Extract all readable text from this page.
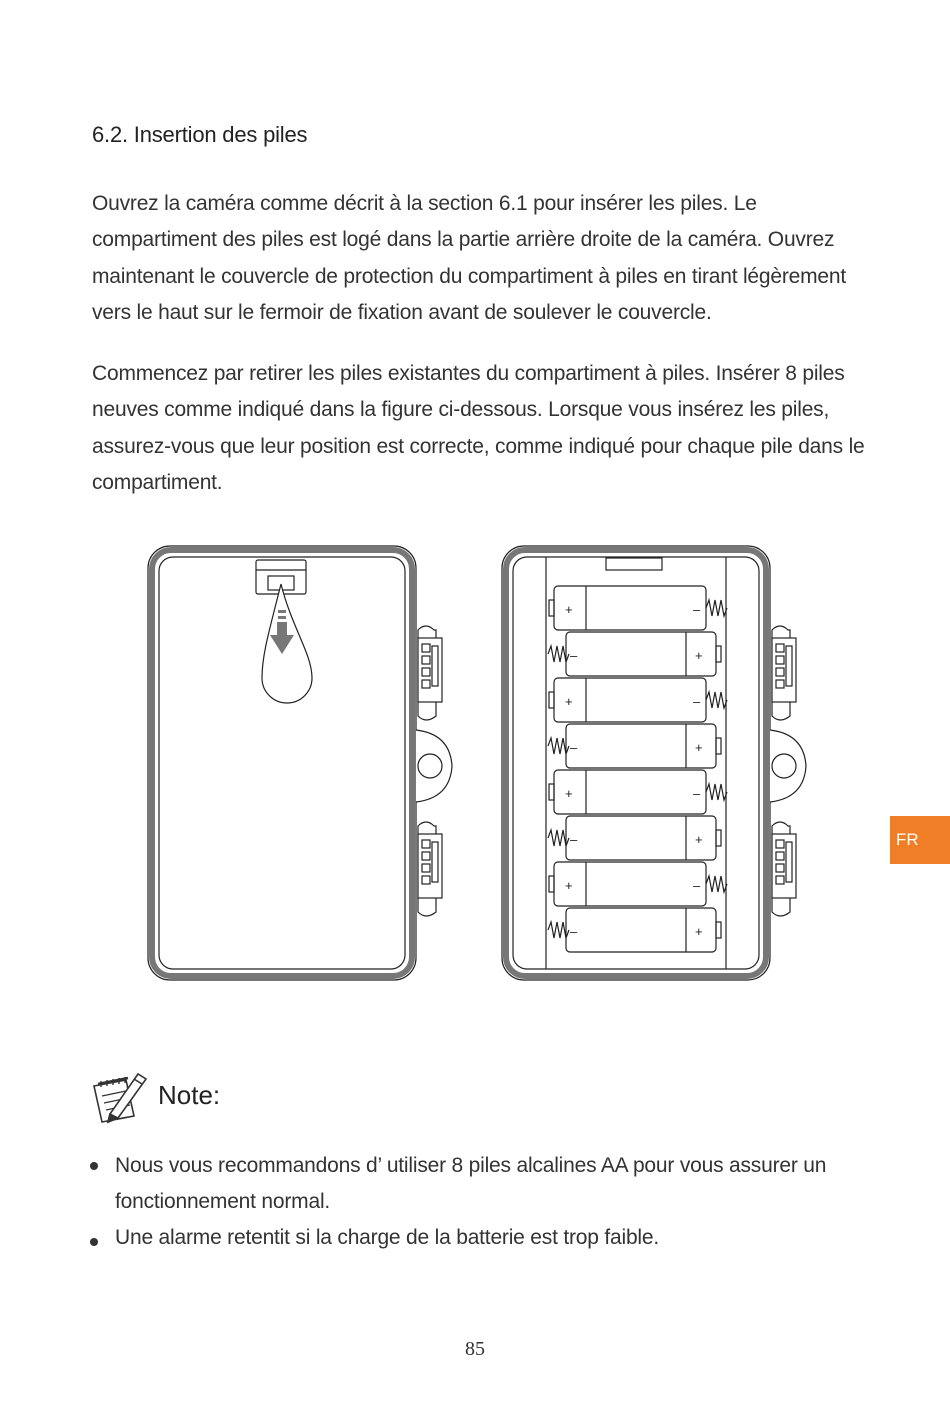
6.2. Insertion des piles

Ouvrez la caméra comme décrit à la section 6.1 pour insérer les piles. Le compartiment des piles est logé dans la partie arrière droite de la caméra. Ouvrez maintenant le couvercle de protection du compartiment à piles en tirant légèrement vers le haut sur le fermoir de fixation avant de soulever le couvercle.

Commencez par retirer les piles existantes du compartiment à piles. Insérer 8 piles neuves comme indiqué dans la figure ci-dessous. Lorsque vous insérez les piles, assurez-vous que leur position est correcte, comme indiqué pour chaque pile dans le compartiment.

+	–
–	+
+	–
–	+
+	–
–	+
+	–
–	+
Note:
Nous vous recommandons d’ utiliser 8 piles alcalines AA pour vous assurer un fonctionnement normal.
Une alarme retentit si la charge de la batterie est trop faible.
FR
85
